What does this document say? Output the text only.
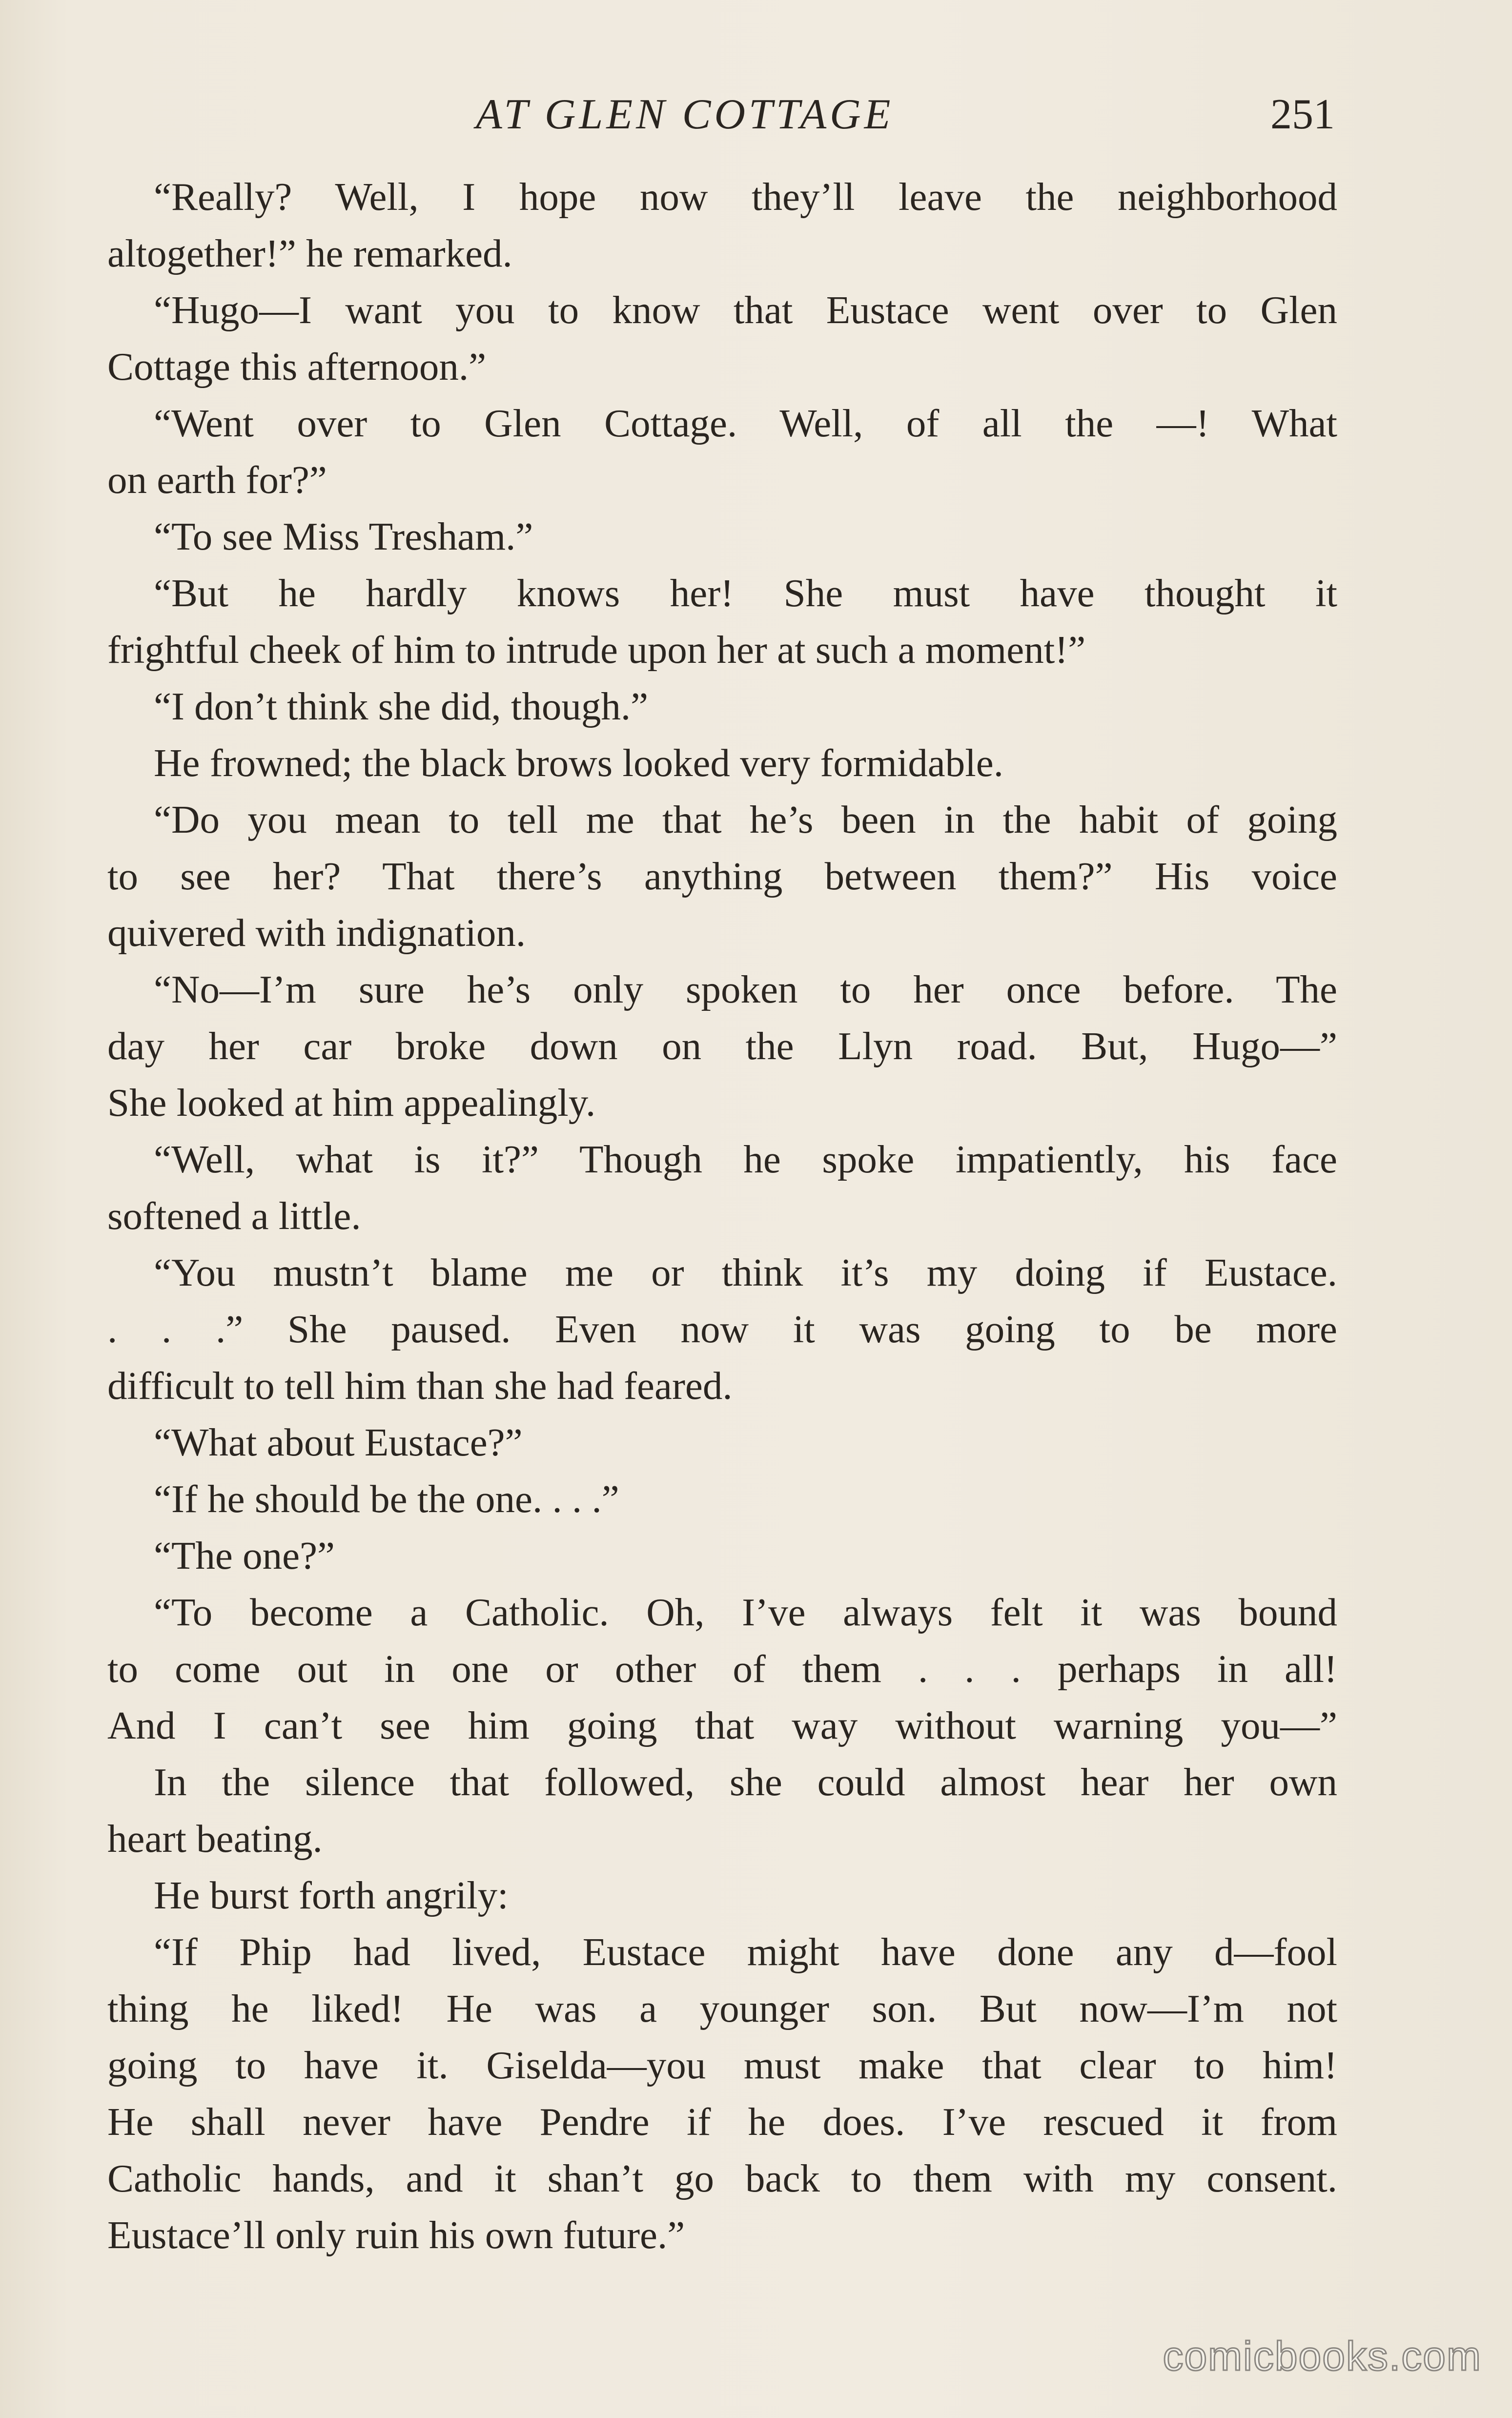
AT GLEN COTTAGE	251
“Really? Well, I hope now they’ll leave the neighborhood
altogether!” he remarked.
“Hugo—I want you to know that Eustace went over to Glen
Cottage this afternoon.”
“Went over to Glen Cottage. Well, of all the —! What
on earth for?”
“To see Miss Tresham.”
“But he hardly knows her! She must have thought it
frightful cheek of him to intrude upon her at such a moment!”
“I don’t think she did, though.”
He frowned; the black brows looked very formidable.
“Do you mean to tell me that he’s been in the habit of going
to see her? That there’s anything between them?” His voice
quivered with indignation.
“No—I’m sure he’s only spoken to her once before. The
day her car broke down on the Llyn road. But, Hugo—”
She looked at him appealingly.
“Well, what is it?” Though he spoke impatiently, his face
softened a little.
“You mustn’t blame me or think it’s my doing if Eustace.
. . .” She paused. Even now it was going to be more
difficult to tell him than she had feared.
“What about Eustace?”
“If he should be the one. . . .”
“The one?”
“To become a Catholic. Oh, I’ve always felt it was bound
to come out in one or other of them . . . perhaps in all!
And I can’t see him going that way without warning you—”
In the silence that followed, she could almost hear her own
heart beating.
He burst forth angrily:
“If Phip had lived, Eustace might have done any d—fool
thing he liked! He was a younger son. But now—I’m not
going to have it. Giselda—you must make that clear to him!
He shall never have Pendre if he does. I’ve rescued it from
Catholic hands, and it shan’t go back to them with my consent.
Eustace’ll only ruin his own future.”
comicbooks.com
